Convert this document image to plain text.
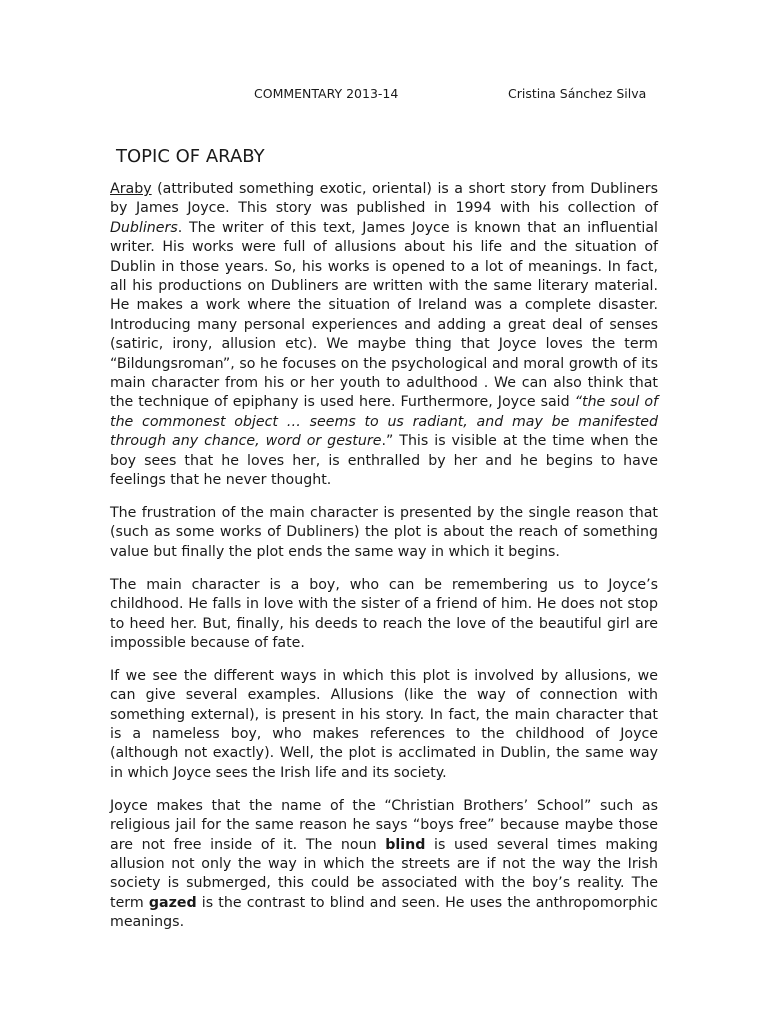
COMMENTARY 2013-14	Cristina Sánchez Silva
TOPIC OF ARABY

Araby (attributed something exotic, oriental) is a short story from Dubliners by James Joyce. This story was published in 1994 with his collection of Dubliners. The writer of this text, James Joyce is known that an influential writer. His works were full of allusions about his life and the situation of Dublin in those years. So, his works is opened to a lot of meanings. In fact, all his productions on Dubliners are written with the same literary material. He makes a work where the situation of Ireland was a complete disaster. Introducing many personal experiences and adding a great deal of senses (satiric, irony, allusion etc). We maybe thing that Joyce loves the term “Bildungsroman”, so he focuses on the psychological and moral growth of its main character from his or her youth to adulthood . We can also think that the technique of epiphany is used here. Furthermore, Joyce said “the soul of the commonest object … seems to us radiant, and may be manifested through any chance, word or gesture.” This is visible at the time when the boy sees that he loves her, is enthralled by her and he begins to have feelings that he never thought.

The frustration of the main character is presented by the single reason that (such as some works of Dubliners) the plot is about the reach of something value but finally the plot ends the same way in which it begins.

The main character is a boy, who can be remembering us to Joyce’s childhood. He falls in love with the sister of a friend of him. He does not stop to heed her. But, finally, his deeds to reach the love of the beautiful girl are impossible because of fate.

If we see the different ways in which this plot is involved by allusions, we can give several examples. Allusions (like the way of connection with something external), is present in his story. In fact, the main character that is a nameless boy, who makes references to the childhood of Joyce (although not exactly). Well, the plot is acclimated in Dublin, the same way in which Joyce sees the Irish life and its society.

Joyce makes that the name of the “Christian Brothers’ School” such as religious jail for the same reason he says “boys free” because maybe those are not free inside of it. The noun blind is used several times making allusion not only the way in which the streets are if not the way the Irish society is submerged, this could be associated with the boy’s reality. The term gazed is the contrast to blind and seen. He uses the anthropomorphic meanings.
